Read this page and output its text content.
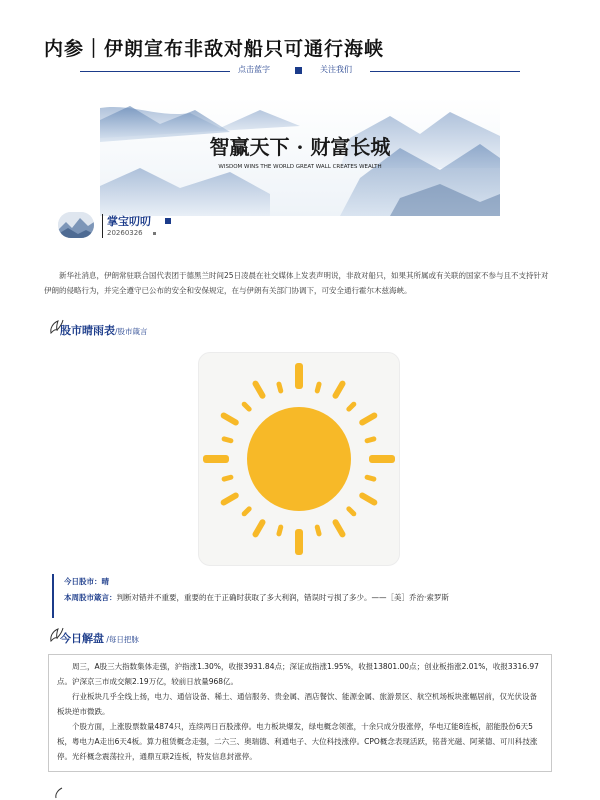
内参｜伊朗宣布非敌对船只可通行海峡
点击蓝字	关注我们
智赢天下 · 财富长城
WISDOM WINS THE WORLD GREAT WALL CREATES WEALTH
掌宝叨叨
20260326

新华社消息，伊朗常驻联合国代表团于德黑兰时间25日凌晨在社交媒体上发表声明说，非敌对船只，如果其所属或有关联的国家不参与且不支持针对伊朗的侵略行为，并完全遵守已公布的安全和安保规定，在与伊朗有关部门协调下，可安全通行霍尔木兹海峡。

股市晴雨表/股市箴言
今日股市：晴
本周股市箴言：判断对错并不重要，重要的在于正确时获取了多大利润，错误时亏损了多少。——［美］乔治·索罗斯
今日解盘 /每日把脉

周三，A股三大指数集体走强，沪指涨1.30%，收报3931.84点；深证成指涨1.95%，收报13801.00点；创业板指涨2.01%，收报3316.97点。沪深京三市成交额2.19万亿，较前日放量968亿。

行业板块几乎全线上扬，电力、通信设备、稀土、通信服务、贵金属、酒店餐饮、能源金属、旅游景区、航空机场板块涨幅居前，仅光伏设备板块逆市微跌。

个股方面，上涨股票数量4874只，连续两日百股涨停。电力板块爆发，绿电概念领涨，十余只成分股涨停，华电辽能8连板，韶能股份6天5板，粤电力A走出6天4板。算力租赁概念走强，二六三、奥瑞德、利通电子、大位科技涨停。CPO概念表现活跃，铭普光磁、阿莱德、可川科技涨停。光纤概念震荡拉升，通鼎互联2连板，特发信息封涨停。
